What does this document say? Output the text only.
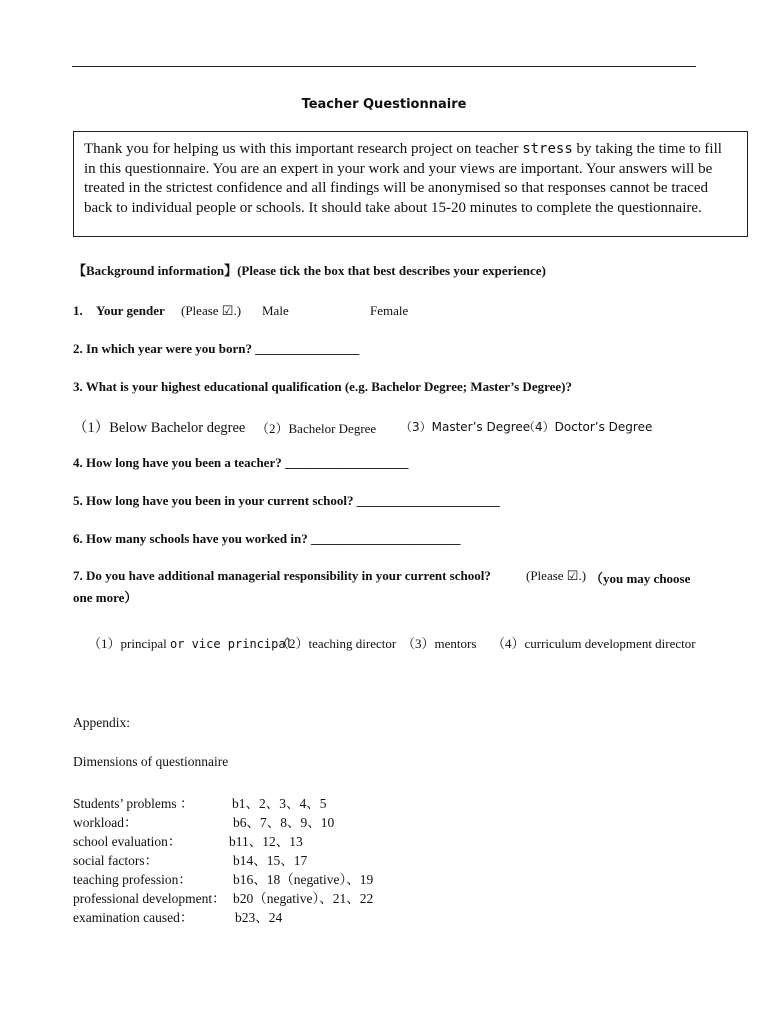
Teacher Questionnaire
Thank you for helping us with this important research project on teacher stress by taking the time to fill in this questionnaire. You are an expert in your work and your views are important. Your answers will be treated in the strictest confidence and all findings will be anonymised so that responses cannot be traced back to individual people or schools. It should take about 15-20 minutes to complete the questionnaire.
【Background information】(Please tick the box that best describes your experience)
1. Your gender (Please ☑.) Male	Female
2. In which year were you born? ________________
3. What is your highest educational qualification (e.g. Bachelor Degree; Master’s Degree)?
（1）Below Bachelor degree （2）Bachelor Degree （3）Master’s Degree
（4）Doctor’s Degree
4. How long have you been a teacher? ___________________
5. How long have you been in your current school? ______________________
6. How many schools have you worked in? _______________________
7. Do you have additional managerial responsibility in your current school?	(Please ☑.) （you may choose
one more）
（1）principal or vice principal
（2）teaching director （3）mentors （4）curriculum development director
Appendix:
Dimensions of questionnaire
Students’ problems ：	b1、2、3、4、5
workload：	b6、7、8、9、10
school evaluation：	b11、12、13
social factors：	b14、15、17
teaching profession：	b16、18（negative）、19
professional development： b20（negative）、21、22
examination caused：	b23、24
